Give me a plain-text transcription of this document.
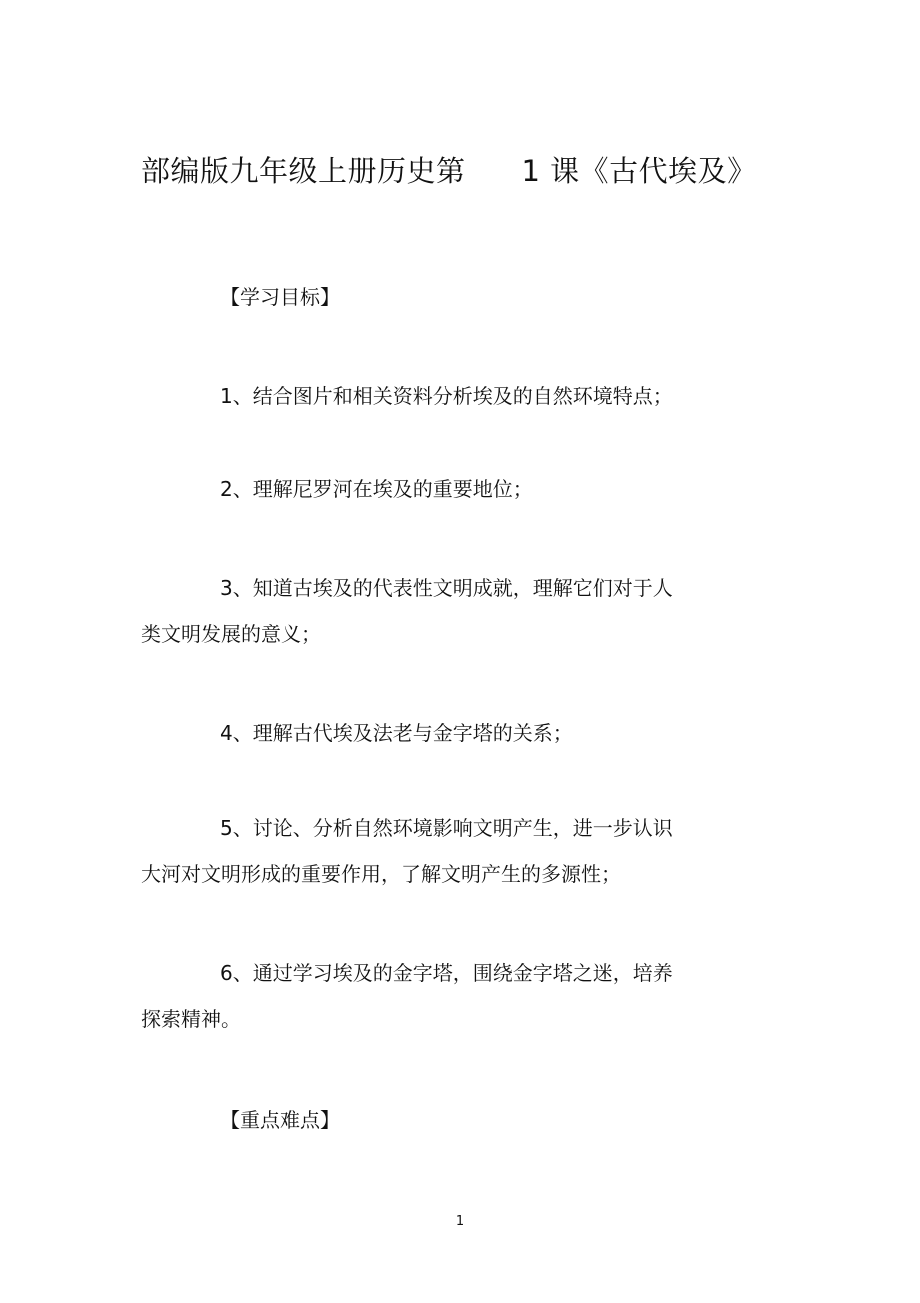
部编版九年级上册历史第 1 课《古代埃及》
【学习目标】
1、结合图片和相关资料分析埃及的自然环境特点；
2、理解尼罗河在埃及的重要地位；
3、知道古埃及的代表性文明成就，理解它们对于人
类文明发展的意义；
4、理解古代埃及法老与金字塔的关系；
5、讨论、分析自然环境影响文明产生，进一步认识
大河对文明形成的重要作用，了解文明产生的多源性；
6、通过学习埃及的金字塔，围绕金字塔之迷，培养
探索精神。
【重点难点】
1
